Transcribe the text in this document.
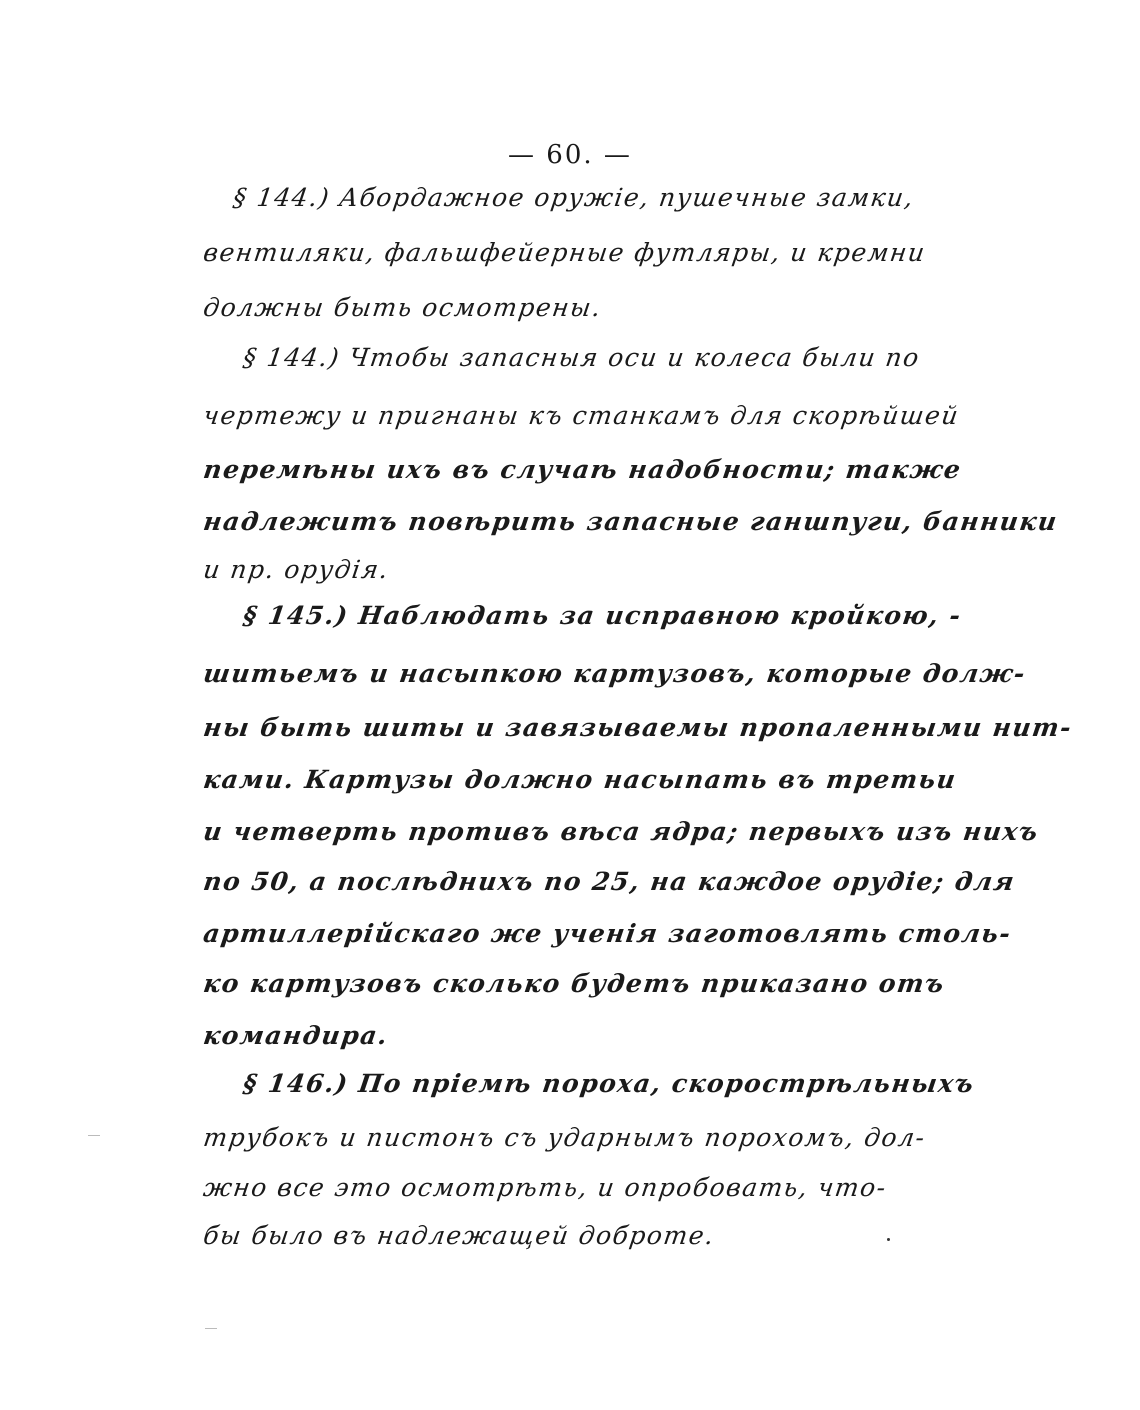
— 60. —
§ 144.) Абордажное оружіе, пушечные замки,
вентиляки, фальшфейерные футляры, и кремни
должны быть осмотрены.
§ 144.) Чтобы запасныя оси и колеса были по
чертежу и пригнаны къ станкамъ для скорѣйшей
перемѣны ихъ въ случаѣ надобности; также
надлежитъ повѣрить запасные ганшпуги, банники
и пр. орудія.
§ 145.) Наблюдать за исправною кройкою, -
шитьемъ и насыпкою картузовъ, которые долж-
ны быть шиты и завязываемы пропаленными нит-
ками. Картузы должно насыпать въ третьи
и четверть противъ вѣса ядра; первыхъ изъ нихъ
по 50, а послѣднихъ по 25, на каждое орудіе; для
артиллерійскаго же ученія заготовлять столь-
ко картузовъ сколько будетъ приказано отъ
командира.
§ 146.) По пріемѣ пороха, скорострѣльныхъ
трубокъ и пистонъ съ ударнымъ порохомъ, дол-
жно все это осмотрѣть, и опробовать, что-
бы было въ надлежащей доброте.
